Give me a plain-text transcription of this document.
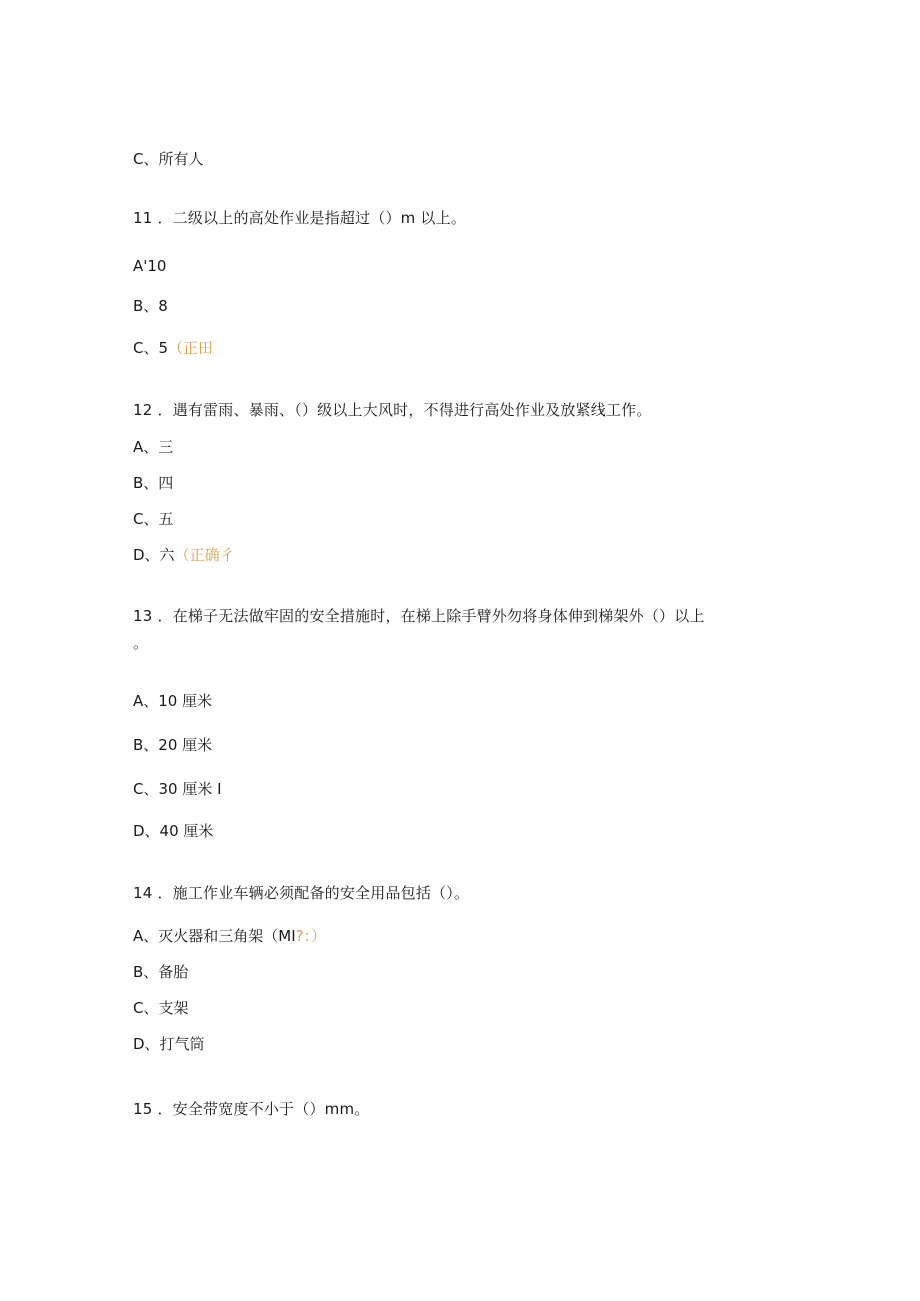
C、所有人
11 ．二级以上的高处作业是指超过（）m 以上。
A'10
B、8
C、5（正田
12 ．遇有雷雨、暴雨、（）级以上大风时，不得进行高处作业及放紧线工作。
A、三
B、四
C、五
D、六（正确彳
13 ．在梯子无法做牢固的安全措施时，在梯上除手臂外勿将身体伸到梯架外（）以上
。
A、10 厘米
B、20 厘米
C、30 厘米 I
D、40 厘米
14 ．施工作业车辆必须配备的安全用品包括（）。
A、灭火器和三角架（MI?：）
B、备胎
C、支架
D、打气筒
15 ．安全带宽度不小于（）mm。
